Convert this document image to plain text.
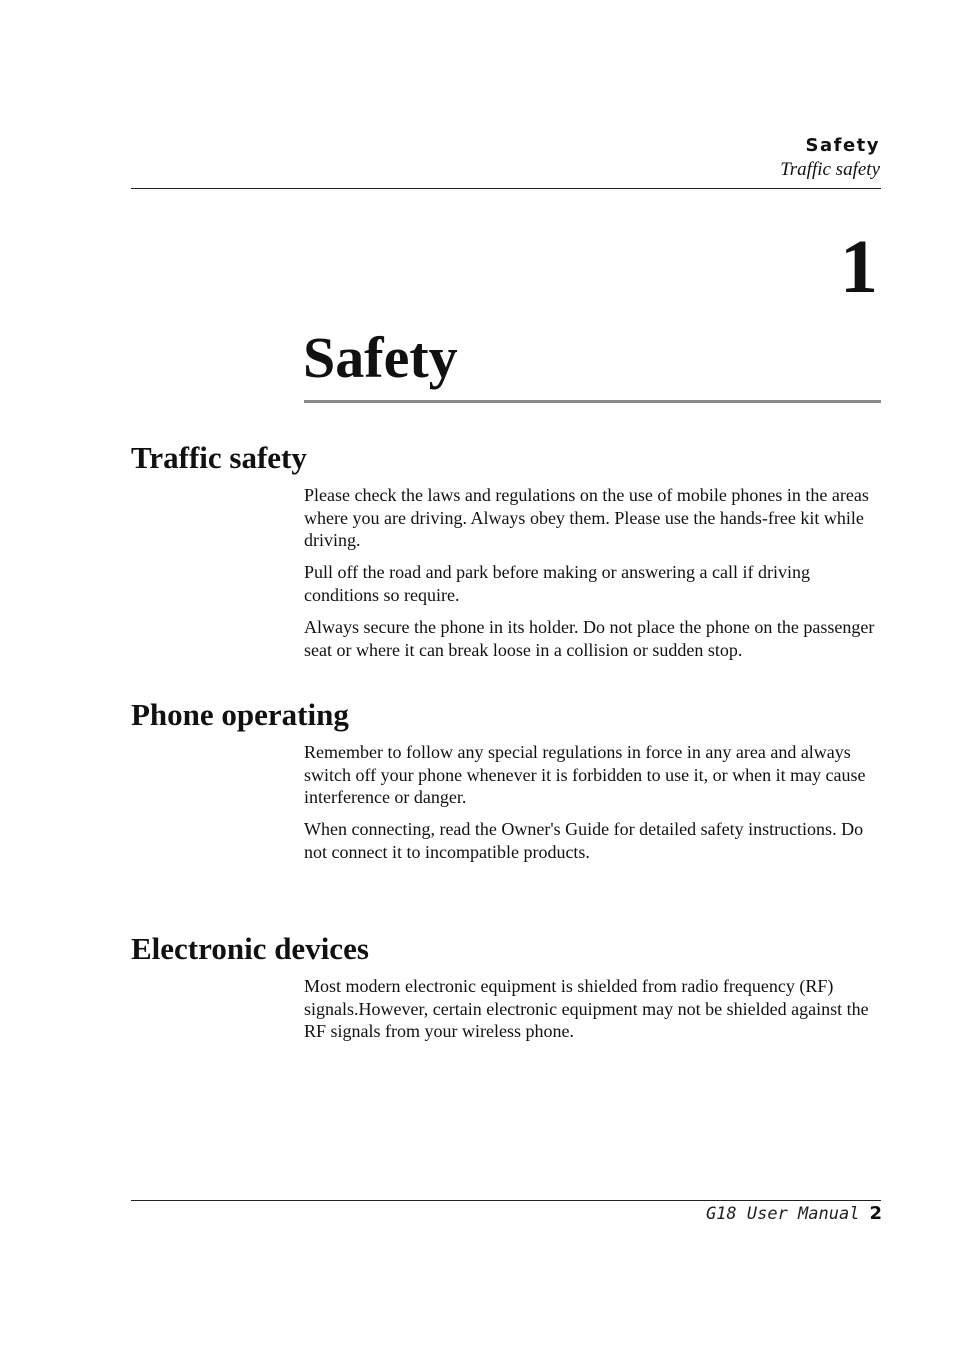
Safety
Traffic safety
1
Safety
Traffic safety

Please check the laws and regulations on the use of mobile phones in the areas where you are driving. Always obey them. Please use the hands-free kit while driving.

Pull off the road and park before making or answering a call if driving conditions so require.

Always secure the phone in its holder. Do not place the phone on the passenger seat or where it can break loose in a collision or sudden stop.

Phone operating

Remember to follow any special regulations in force in any area and always switch off your phone whenever it is forbidden to use it, or when it may cause interference or danger.

When connecting, read the Owner's Guide for detailed safety instructions. Do not connect it to incompatible products.

Electronic devices

Most modern electronic equipment is shielded from radio frequency (RF) signals.However, certain electronic equipment may not be shielded against the RF signals from your wireless phone.

G18 User Manual 2
